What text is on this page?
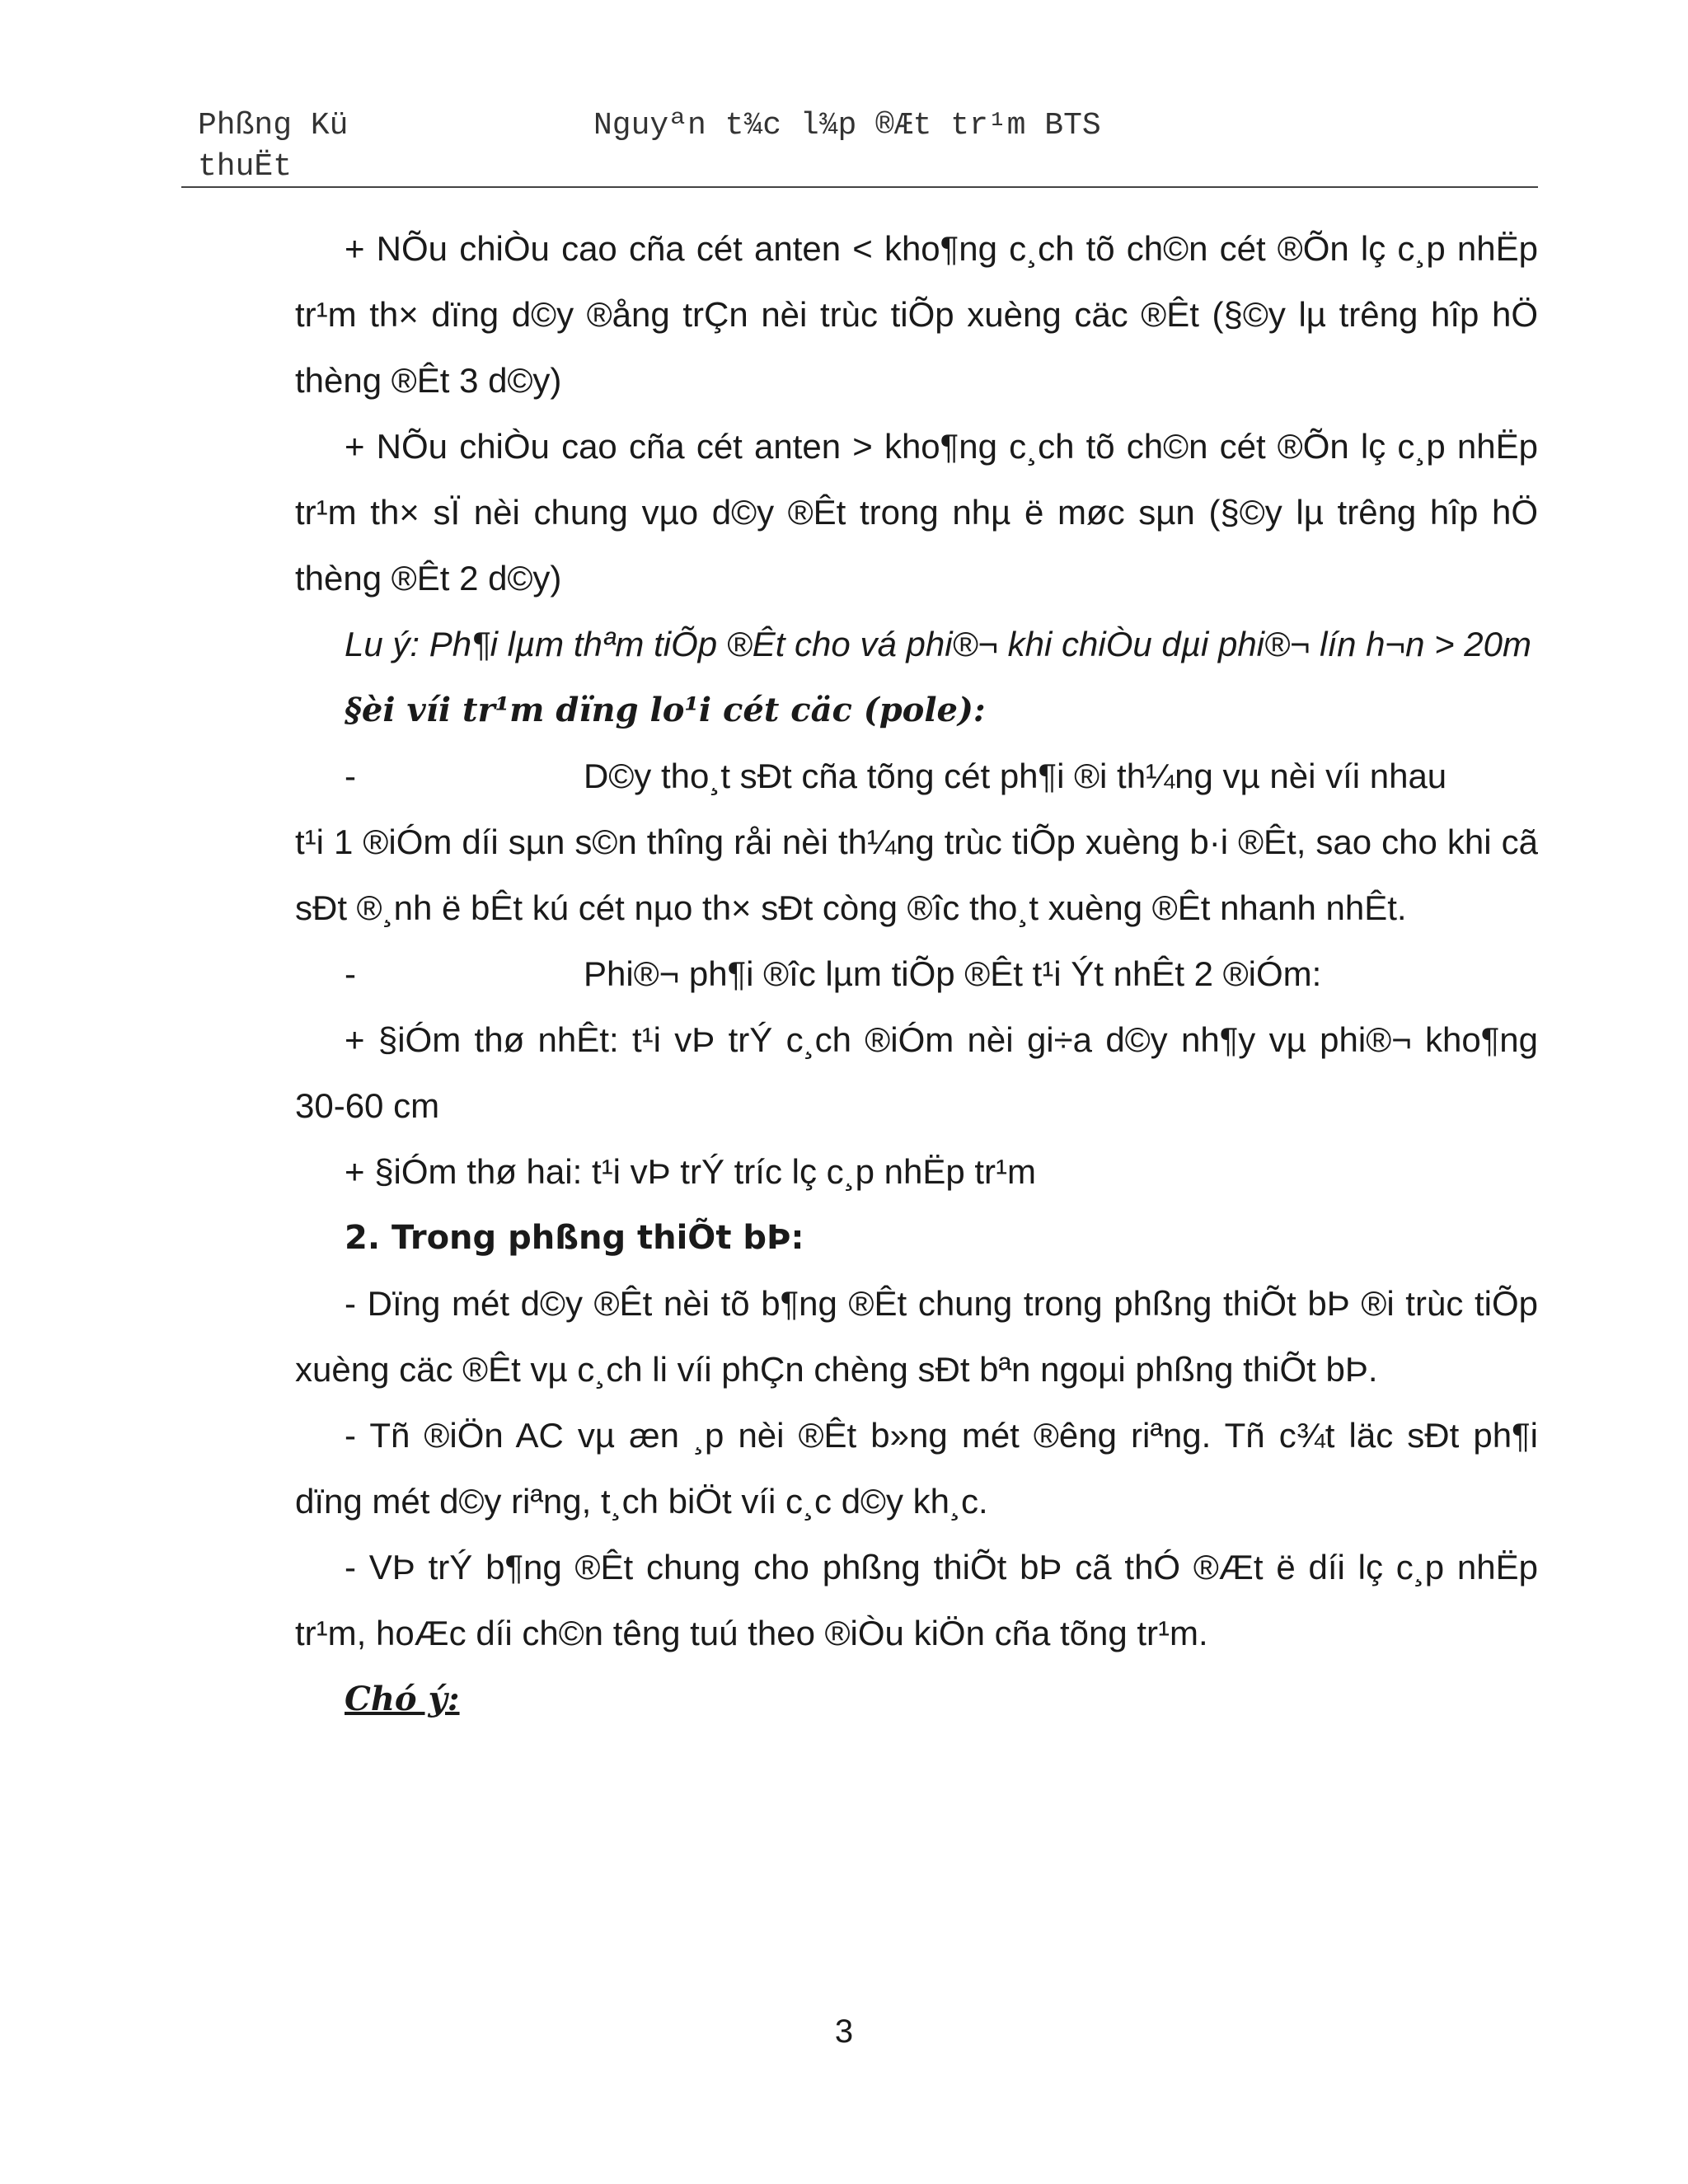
Phßng Kü thuËt
Nguyªn t¾c l¾p ®Æt tr¹m BTS

+ NÕu chiÒu cao cña cét anten < kho¶ng c¸ch tõ ch©n cét ®Õn lç c¸p nhËp tr¹m th× dïng d©y ®ång trÇn nèi trùc tiÕp xuèng cäc ®Êt (§©y lµ trêng hîp hÖ thèng ®Êt 3 d©y)

+ NÕu chiÒu cao cña cét anten > kho¶ng c¸ch tõ ch©n cét ®Õn lç c¸p nhËp tr¹m th× sÏ nèi chung vµo d©y ®Êt trong nhµ ë møc sµn (§©y lµ trêng hîp hÖ thèng ®Êt 2 d©y)

Lu ý: Ph¶i lµm thªm tiÕp ®Êt cho vá phi®¬ khi chiÒu dµi phi®¬ lín h¬n > 20m

§èi víi tr¹m dïng lo¹i cét cäc (pole):

-	D©y tho¸t sÐt cña tõng cét ph¶i ®i th¼ng vµ nèi víi nhau

t¹i 1 ®iÓm díi sµn s©n thîng råi nèi th¼ng trùc tiÕp xuèng b·i ®Êt, sao cho khi cã sÐt ®¸nh ë bÊt kú cét nµo th× sÐt còng ®îc tho¸t xuèng ®Êt nhanh nhÊt.

-	Phi®¬ ph¶i ®îc lµm tiÕp ®Êt t¹i Ýt nhÊt 2 ®iÓm:

+ §iÓm thø nhÊt: t¹i vÞ trÝ c¸ch ®iÓm nèi gi÷a d©y nh¶y vµ phi®¬ kho¶ng 30-60 cm

+ §iÓm thø hai: t¹i vÞ trÝ tríc lç c¸p nhËp tr¹m

2. Trong phßng thiÕt bÞ:

- Dïng mét d©y ®Êt nèi tõ b¶ng ®Êt chung trong phßng thiÕt bÞ ®i trùc tiÕp xuèng cäc ®Êt vµ c¸ch li víi phÇn chèng sÐt bªn ngoµi phßng thiÕt bÞ.

- Tñ ®iÖn AC vµ æn ¸p nèi ®Êt b»ng mét ®êng riªng. Tñ c¾t läc sÐt ph¶i dïng mét d©y riªng, t¸ch biÖt víi c¸c d©y kh¸c.

- VÞ trÝ b¶ng ®Êt chung cho phßng thiÕt bÞ cã thÓ ®Æt ë díi lç c¸p nhËp tr¹m, hoÆc díi ch©n têng tuú theo ®iÒu kiÖn cña tõng tr¹m.

Chó ý:

3
